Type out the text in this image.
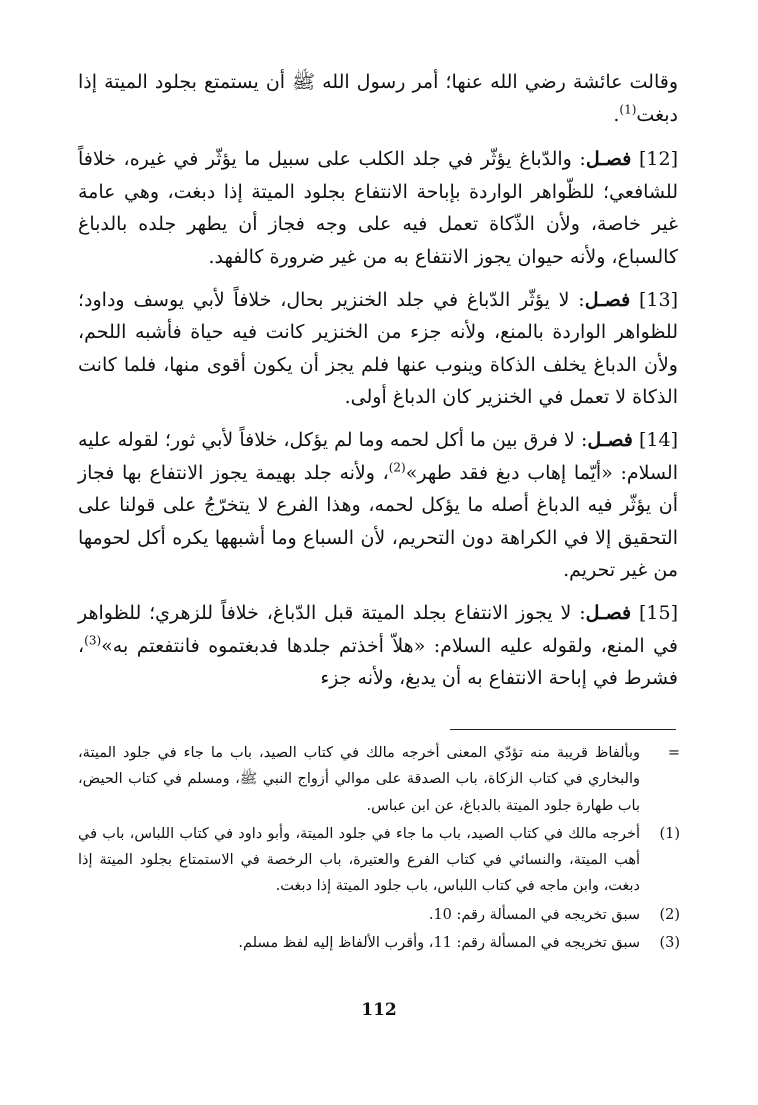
وقالت عائشة رضي الله عنها؛ أمر رسول الله ﷺ أن يستمتع بجلود الميتة إذا دبغت$^{(1)}$.

[12] فصـل: والدّباغ يؤثّر في جلد الكلب على سبيل ما يؤثّر في غيره، خلافاً للشافعي؛ للظّواهر الواردة بإباحة الانتفاع بجلود الميتة إذا دبغت، وهي عامة غير خاصة، ولأن الذّكاة تعمل فيه على وجه فجاز أن يطهر جلده بالدباغ كالسباع، ولأنه حيوان يجوز الانتفاع به من غير ضرورة كالفهد.

[13] فصـل: لا يؤثّر الدّباغ في جلد الخنزير بحال، خلافاً لأبي يوسف وداود؛ للظواهر الواردة بالمنع، ولأنه جزء من الخنزير كانت فيه حياة فأشبه اللحم، ولأن الدباغ يخلف الذكاة وينوب عنها فلم يجز أن يكون أقوى منها، فلما كانت الذكاة لا تعمل في الخنزير كان الدباغ أولى.

[14] فصـل: لا فرق بين ما أكل لحمه وما لم يؤكل، خلافاً لأبي ثور؛ لقوله عليه السلام: «أيّما إهاب دبغ فقد طهر»$^{(2)}$، ولأنه جلد بهيمة يجوز الانتفاع بها فجاز أن يؤثّر فيه الدباغ أصله ما يؤكل لحمه، وهذا الفرع لا يتخرّجُ على قولنا على التحقيق إلا في الكراهة دون التحريم، لأن السباع وما أشبهها يكره أكل لحومها من غير تحريم.

[15] فصـل: لا يجوز الانتفاع بجلد الميتة قبل الدّباغ، خلافاً للزهري؛ للظواهر في المنع، ولقوله عليه السلام: «هلاّ أخذتم جلدها فدبغتموه فانتفعتم به»$^{(3)}$، فشرط في إباحة الانتفاع به أن يدبغ، ولأنه جزء

=
وبألفاظ قريبة منه تؤدّي المعنى أخرجه مالك في كتاب الصيد، باب ما جاء في جلود الميتة، والبخاري في كتاب الزكاة، باب الصدقة على موالي أزواج النبي ﷺ، ومسلم في كتاب الحيض، باب طهارة جلود الميتة بالدباغ، عن ابن عباس.
(1)
أخرجه مالك في كتاب الصيد، باب ما جاء في جلود الميتة، وأبو داود في كتاب اللباس، باب في أهب الميتة، والنسائي في كتاب الفرع والعتيرة، باب الرخصة في الاستمتاع بجلود الميتة إذا دبغت، وابن ماجه في كتاب اللباس، باب جلود الميتة إذا دبغت.
(2)
سبق تخريجه في المسألة رقم: 10.
(3)
سبق تخريجه في المسألة رقم: 11، وأقرب الألفاظ إليه لفظ مسلم.
112
